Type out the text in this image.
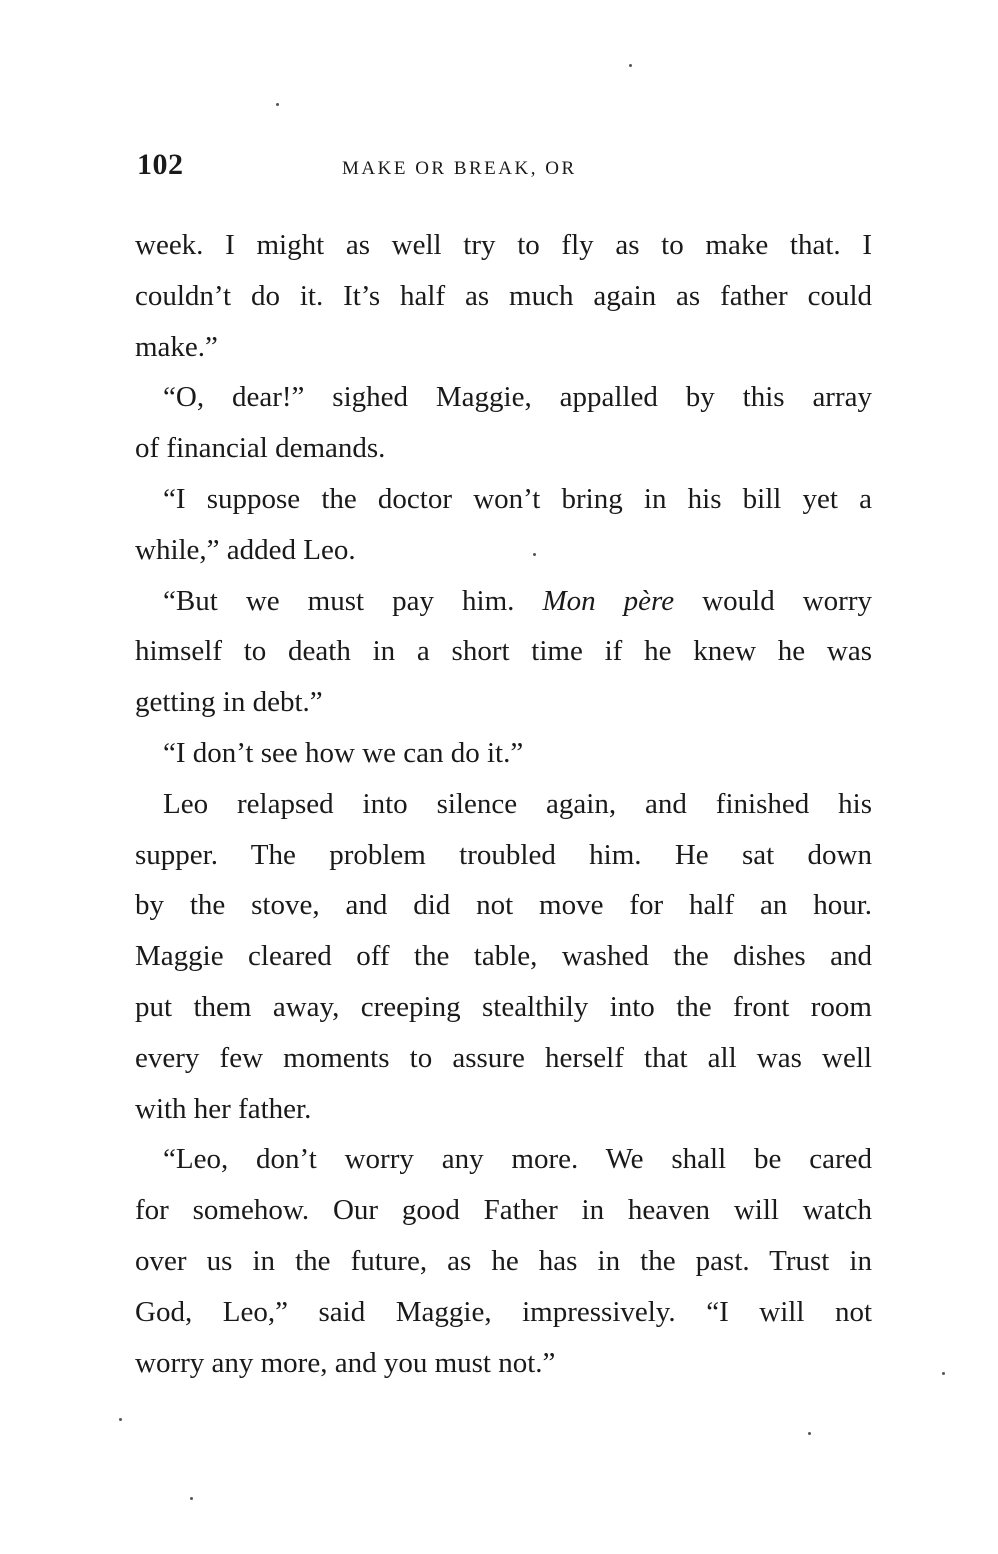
102	MAKE OR BREAK, OR
week. I might as well try to fly as to make that. I
couldn’t do it. It’s half as much again as father could
make.”
“O, dear!” sighed Maggie, appalled by this array
of financial demands.
“I suppose the doctor won’t bring in his bill yet a
while,” added Leo.
“But we must pay him. Mon père would worry
himself to death in a short time if he knew he was
getting in debt.”
“I don’t see how we can do it.”
Leo relapsed into silence again, and finished his
supper. The problem troubled him. He sat down
by the stove, and did not move for half an hour.
Maggie cleared off the table, washed the dishes and
put them away, creeping stealthily into the front room
every few moments to assure herself that all was well
with her father.
“Leo, don’t worry any more. We shall be cared
for somehow. Our good Father in heaven will watch
over us in the future, as he has in the past. Trust in
God, Leo,” said Maggie, impressively. “I will not
worry any more, and you must not.”
